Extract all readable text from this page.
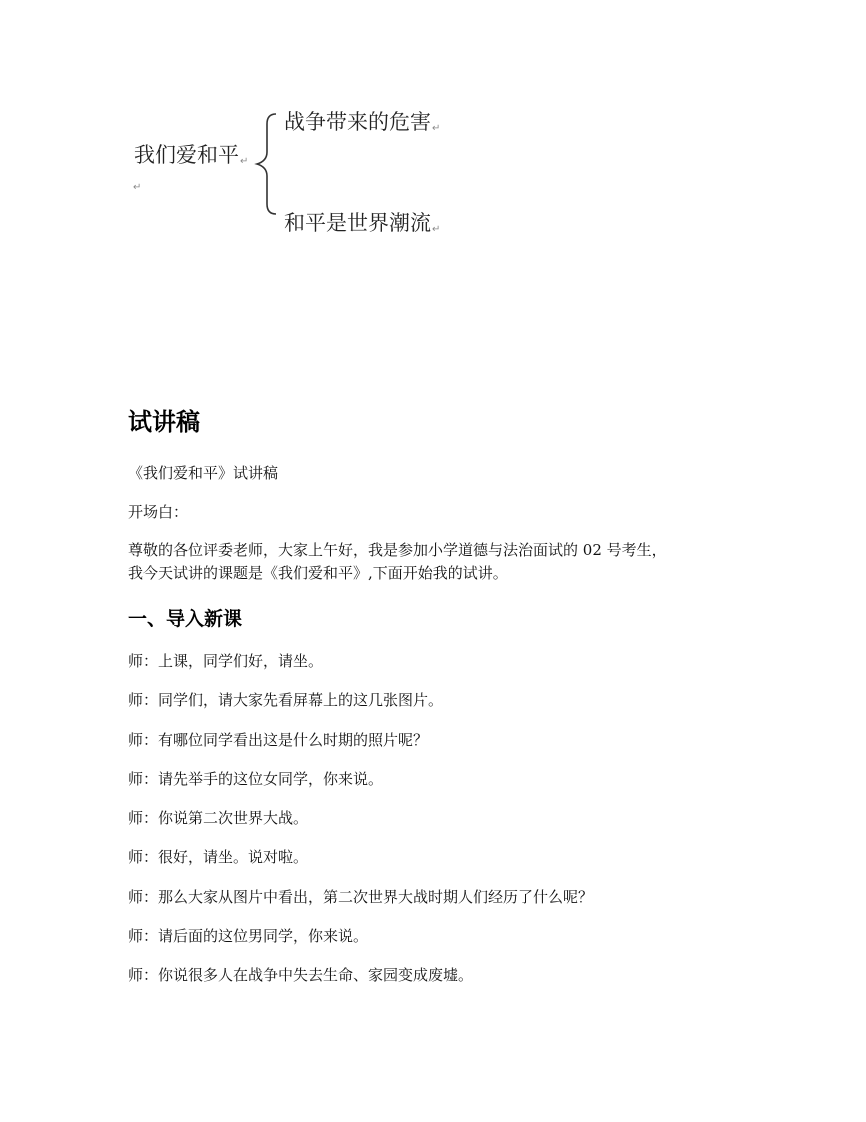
我们爱和平↵
↵
战争带来的危害↵
和平是世界潮流↵
试讲稿

《我们爱和平》试讲稿

开场白：

尊敬的各位评委老师，大家上午好，我是参加小学道德与法治面试的 02 号考生，
我今天试讲的课题是《我们爱和平》,下面开始我的试讲。
一、导入新课
师：上课，同学们好，请坐。
师：同学们，请大家先看屏幕上的这几张图片。
师：有哪位同学看出这是什么时期的照片呢？
师：请先举手的这位女同学，你来说。
师：你说第二次世界大战。
师：很好，请坐。说对啦。
师：那么大家从图片中看出，第二次世界大战时期人们经历了什么呢？
师：请后面的这位男同学，你来说。
师：你说很多人在战争中失去生命、家园变成废墟。
